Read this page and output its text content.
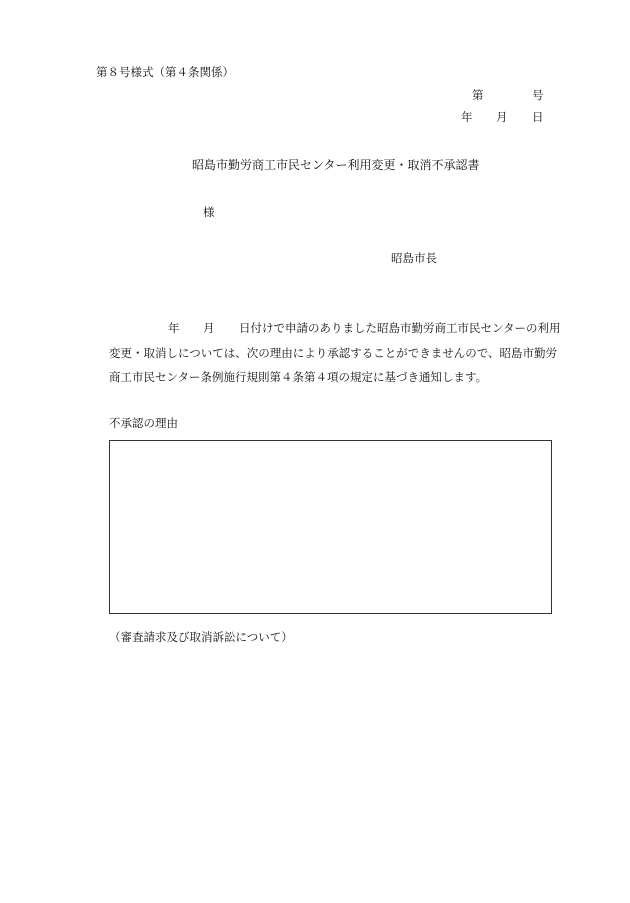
第８号様式（第４条関係）
第	号
年 月 日
昭島市勤労商工市民センター利用変更・取消不承認書
様
昭島市長
年 月 日付けで申請のありました昭島市勤労商工市民センターの利用
変更・取消しについては、次の理由により承認することができませんので、昭島市勤労
商工市民センター条例施行規則第４条第４項の規定に基づき通知します。
不承認の理由
（審査請求及び取消訴訟について）
